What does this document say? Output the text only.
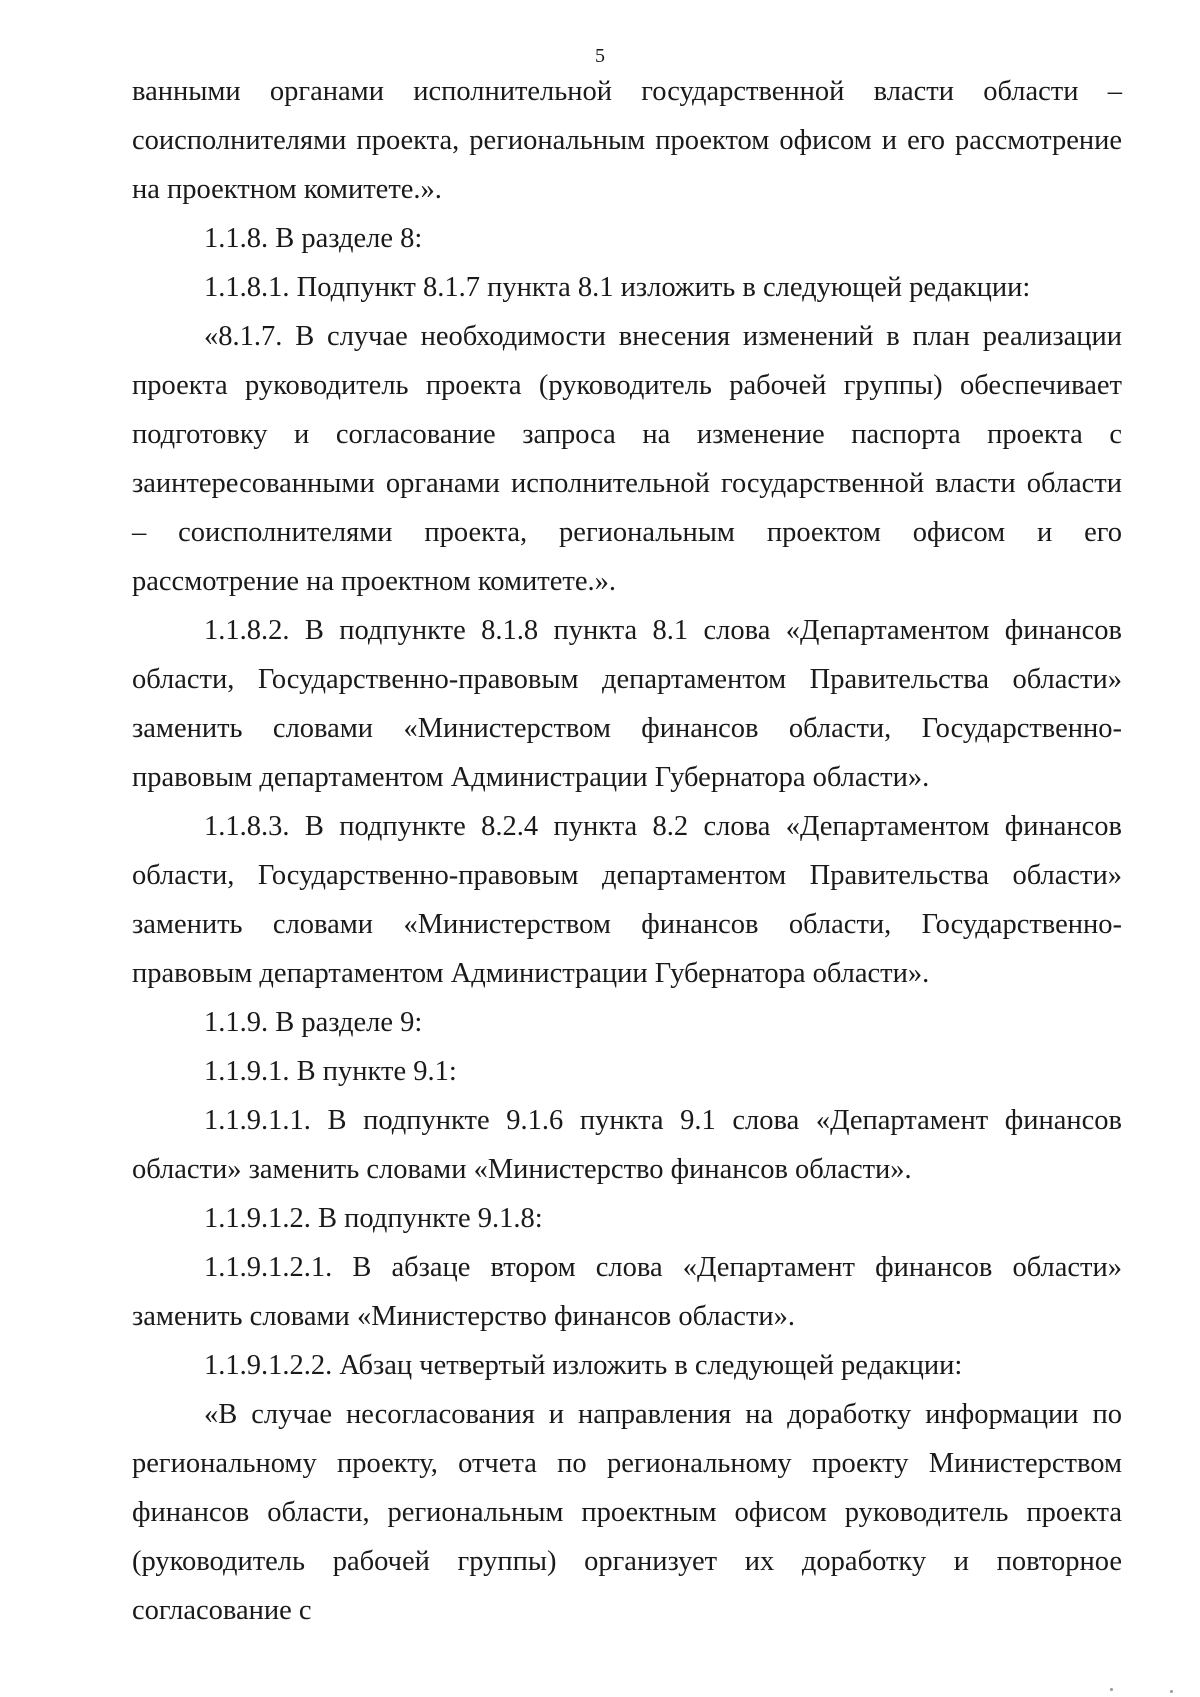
5

ванными органами исполнительной государственной власти области – соисполнителями проекта, региональным проектом офисом и его рассмотрение на проектном комитете.».

1.1.8. В разделе 8:

1.1.8.1. Подпункт 8.1.7 пункта 8.1 изложить в следующей редакции:

«8.1.7. В случае необходимости внесения изменений в план реализации проекта руководитель проекта (руководитель рабочей группы) обеспечивает подготовку и согласование запроса на изменение паспорта проекта с заинтересованными органами исполнительной государственной власти области – соисполнителями проекта, региональным проектом офисом и его рассмотрение на проектном комитете.».

1.1.8.2. В подпункте 8.1.8 пункта 8.1 слова «Департаментом финансов области, Государственно-правовым департаментом Правительства области» заменить словами «Министерством финансов области, Государственно-правовым департаментом Администрации Губернатора области».

1.1.8.3. В подпункте 8.2.4 пункта 8.2 слова «Департаментом финансов области, Государственно-правовым департаментом Правительства области» заменить словами «Министерством финансов области, Государственно-правовым департаментом Администрации Губернатора области».

1.1.9. В разделе 9:

1.1.9.1. В пункте 9.1:

1.1.9.1.1. В подпункте 9.1.6 пункта 9.1 слова «Департамент финансов области» заменить словами «Министерство финансов области».

1.1.9.1.2. В подпункте 9.1.8:

1.1.9.1.2.1. В абзаце втором слова «Департамент финансов области» заменить словами «Министерство финансов области».

1.1.9.1.2.2. Абзац четвертый изложить в следующей редакции:

«В случае несогласования и направления на доработку информации по региональному проекту, отчета по региональному проекту Министерством финансов области, региональным проектным офисом руководитель проекта (руководитель рабочей группы) организует их доработку и повторное согласование с
